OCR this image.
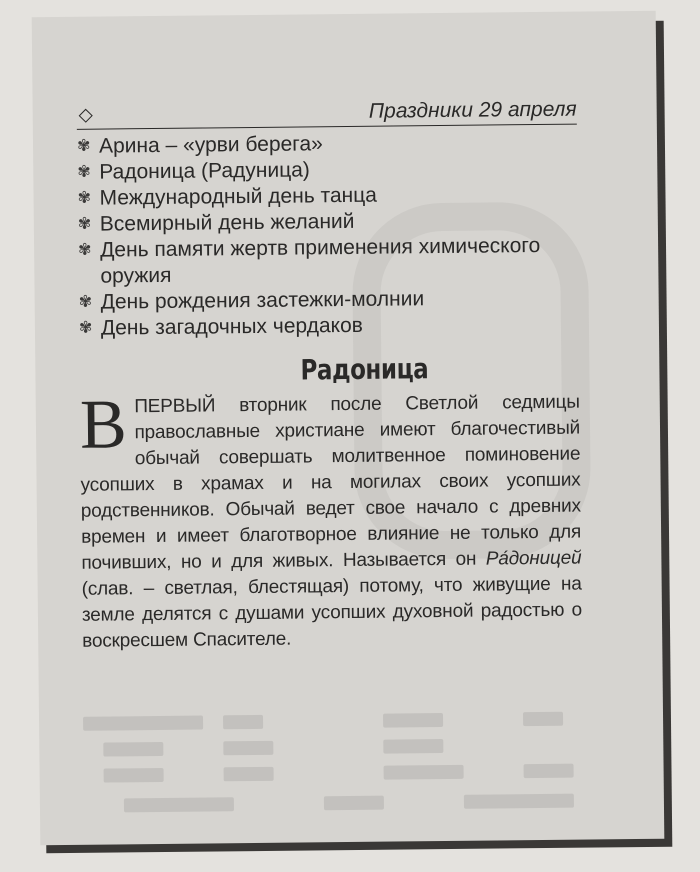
Праздники 29 апреля
✾ Арина – «урви берега»
✾ Радоница (Радуница)
✾ Международный день танца
✾ Всемирный день желаний
✾ День памяти жертв применения химического оружия
✾ День рождения застежки-молнии
✾ День загадочных чердаков
Радоница
ВПЕРВЫЙ вторник после Светлой седмицы православные христиане имеют благочестивый обычай совершать молитвенное поминовение усопших в храмах и на могилах своих усопших родственников. Обычай ведет свое начало с древних времен и имеет благотворное влияние не только для почивших, но и для живых. Называется он Ра́доницей (слав. – светлая, блестящая) потому, что живущие на земле делятся с душами усопших духовной радостью о воскресшем Спасителе.
